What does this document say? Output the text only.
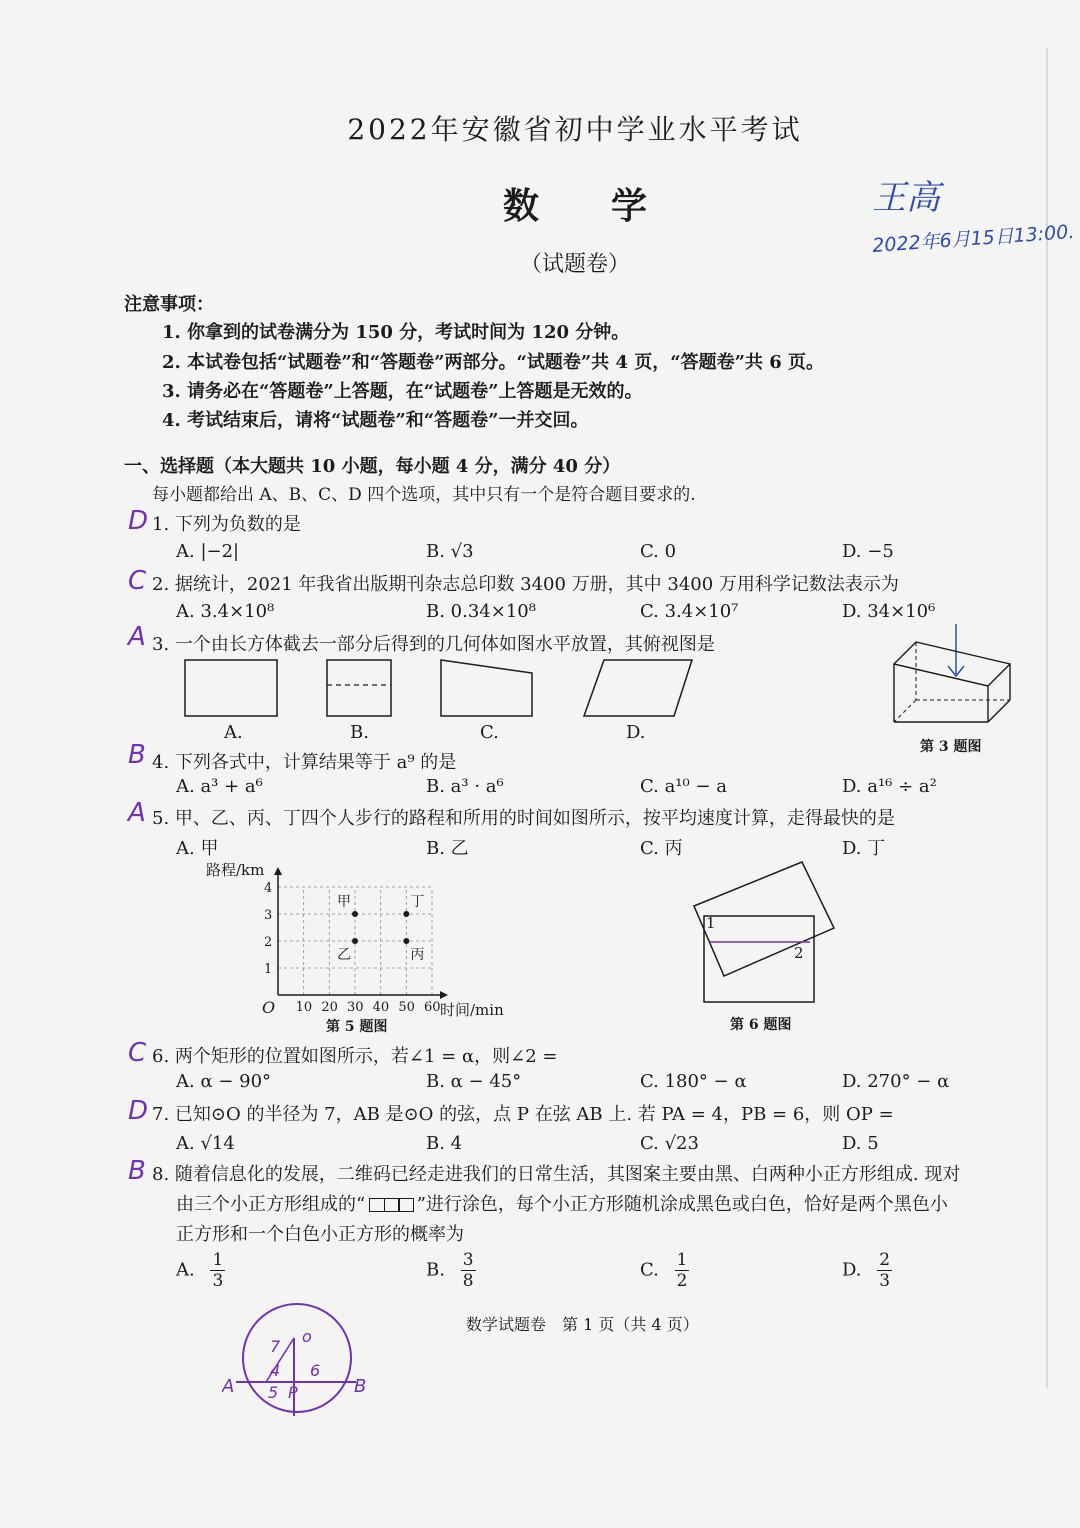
2022年安徽省初中学业水平考试
数　　学
（试题卷）
王高
2022年6月15日13:00.
注意事项：
1. 你拿到的试卷满分为 150 分，考试时间为 120 分钟。
2. 本试卷包括“试题卷”和“答题卷”两部分。“试题卷”共 4 页，“答题卷”共 6 页。
3. 请务必在“答题卷”上答题，在“试题卷”上答题是无效的。
4. 考试结束后，请将“试题卷”和“答题卷”一并交回。
一、选择题（本大题共 10 小题，每小题 4 分，满分 40 分）
每小题都给出 A、B、C、D 四个选项，其中只有一个是符合题目要求的.
D
C
A
B
A
C
D
B
1. 下列为负数的是
A. |−2|	B. √3	C. 0	D. −5
2. 据统计，2021 年我省出版期刊杂志总印数 3400 万册，其中 3400 万用科学记数法表示为
A. 3.4×10⁸	B. 0.34×10⁸	C. 3.4×10⁷	D. 34×10⁶
3. 一个由长方体截去一部分后得到的几何体如图水平放置，其俯视图是
A.	B.	C.	D.
第 3 题图
4. 下列各式中，计算结果等于 a⁹ 的是
A. a³ + a⁶	B. a³ · a⁶	C. a¹⁰ − a	D. a¹⁶ ÷ a²
5. 甲、乙、丙、丁四个人步行的路程和所用的时间如图所示，按平均速度计算，走得最快的是
A. 甲	B. 乙	C. 丙	D. 丁
10 20 30 40 50 60
1
2
3
4
甲
乙	丙
丁
路程/km
时间/min
O
第 5 题图
1
2
第 6 题图
6. 两个矩形的位置如图所示，若∠1 = α，则∠2 =
A. α − 90°	B. α − 45°	C. 180° − α	D. 270° − α
7. 已知⊙O 的半径为 7，AB 是⊙O 的弦，点 P 在弦 AB 上. 若 PA = 4，PB = 6，则 OP =
A. √14	B. 4	C. √23	D. 5
8. 随着信息化的发展，二维码已经走进我们的日常生活，其图案主要由黑、白两种小正方形组成. 现对
由三个小正方形组成的“	”进行涂色，每个小正方形随机涂成黑色或白色，恰好是两个黑色小
正方形和一个白色小正方形的概率为
A. $\frac{1}{3}$	B. $\frac{3}{8}$	C. $\frac{1}{2}$	D. $\frac{2}{3}$
数学试题卷　第 1 页（共 4 页）
o
7
4 6
5
A	P	B
